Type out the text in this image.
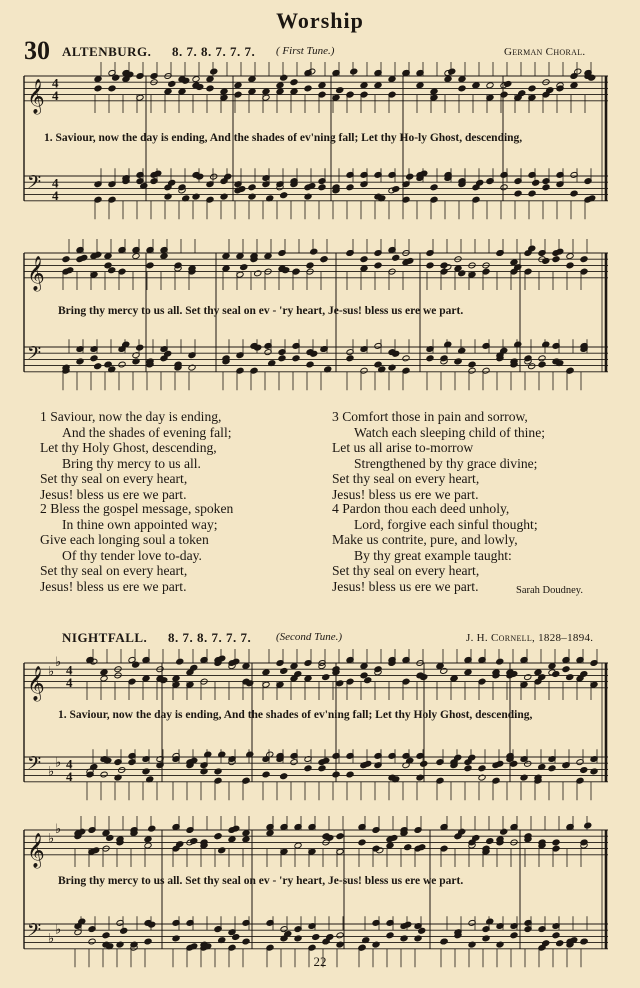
Worship
30 ALTENBURG. 8. 7. 8. 7. 7. 7. ( First Tune.)	German Choral.
𝄞 4
4
𝄢 4
4
1. Saviour, now the day is ending, And the shades of ev'ning fall; Let thy Ho-ly Ghost, descending,
𝄞
𝄢
Bring thy mercy to us all. Set thy seal on ev - 'ry heart, Je-sus! bless us ere we part.
1 Saviour, now the day is ending,
And the shades of evening fall;
Let thy Holy Ghost, descending,
Bring thy mercy to us all.
Set thy seal on every heart,
Jesus! bless us ere we part.
2 Bless the gospel message, spoken
In thine own appointed way;
Give each longing soul a token
Of thy tender love to-day.
Set thy seal on every heart,
Jesus! bless us ere we part.
3 Comfort those in pain and sorrow,
Watch each sleeping child of thine;
Let us all arise to-morrow
Strengthened by thy grace divine;
Set thy seal on every heart,
Jesus! bless us ere we part.
4 Pardon thou each deed unholy,
Lord, forgive each sinful thought;
Make us contrite, pure, and lowly,
By thy great example taught:
Set thy seal on every heart,
Jesus! bless us ere we part.	Sarah Doudney.
NIGHTFALL. 8. 7. 8. 7. 7. 7. (Second Tune.)	J. H. Cornell, 1828–1894.
𝄞 ♭
♭
4
4
𝄢 ♭
♭ 4
4
1. Saviour, now the day is ending, And the shades of ev'ning fall; Let thy Holy Ghost, descending,
𝄞 ♭
♭
𝄢 ♭
♭
Bring thy mercy to us all. Set thy seal on ev - 'ry heart, Je-sus! bless us ere we part.
22
